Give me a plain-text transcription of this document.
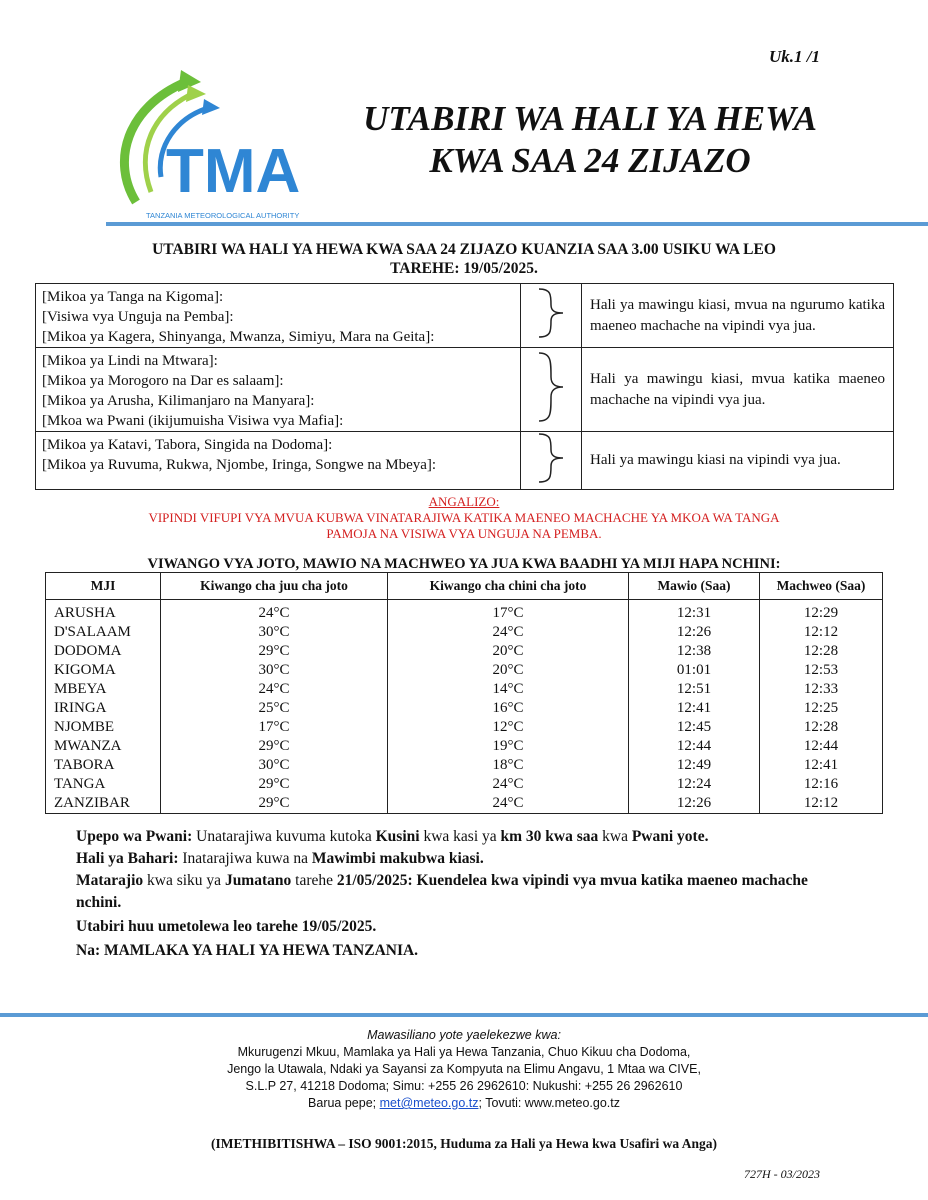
Uk.1 /1
TMA
TANZANIA METEOROLOGICAL AUTHORITY
UTABIRI WA HALI YA HEWA
KWA SAA 24 ZIJAZO
UTABIRI WA HALI YA HEWA KWA SAA 24 ZIJAZO KUANZIA SAA 3.00 USIKU WA LEO
TAREHE: 19/05/2025.
[Mikoa ya Tanga na Kigoma]:
[Visiwa vya Unguja na Pemba]:
[Mikoa ya Kagera, Shinyanga, Mwanza, Simiyu, Mara na Geita]:		Hali ya mawingu kiasi, mvua na ngurumo katika maeneo machache na vipindi vya jua.

[Mikoa ya Lindi na Mtwara]:
[Mikoa ya Morogoro na Dar es salaam]:
[Mikoa ya Arusha, Kilimanjaro na Manyara]:
[Mkoa wa Pwani (ikijumuisha Visiwa vya Mafia]:		Hali ya mawingu kiasi, mvua katika maeneo machache na vipindi vya jua.

[Mikoa ya Katavi, Tabora, Singida na Dodoma]:
[Mikoa ya Ruvuma, Rukwa, Njombe, Iringa, Songwe na Mbeya]:		Hali ya mawingu kiasi na vipindi vya jua.
ANGALIZO:
VIPINDI VIFUPI VYA MVUA KUBWA VINATARAJIWA KATIKA MAENEO MACHACHE YA MKOA WA TANGA
PAMOJA NA VISIWA VYA UNGUJA NA PEMBA.
VIWANGO VYA JOTO, MAWIO NA MACHWEO YA JUA KWA BAADHI YA MIJI HAPA NCHINI:
MJI	Kiwango cha juu cha joto	Kiwango cha chini cha joto	Mawio (Saa)	Machweo (Saa)

ARUSHA	24°C	17°C	12:31	12:29
D'SALAAM	30°C	24°C	12:26	12:12
DODOMA	29°C	20°C	12:38	12:28
KIGOMA	30°C	20°C	01:01	12:53
MBEYA	24°C	14°C	12:51	12:33
IRINGA	25°C	16°C	12:41	12:25
NJOMBE	17°C	12°C	12:45	12:28
MWANZA	29°C	19°C	12:44	12:44
TABORA	30°C	18°C	12:49	12:41
TANGA	29°C	24°C	12:24	12:16
ZANZIBAR	29°C	24°C	12:26	12:12

Upepo wa Pwani: Unatarajiwa kuvuma kutoka Kusini kwa kasi ya km 30 kwa saa kwa Pwani yote.

Hali ya Bahari: Inatarajiwa kuwa na Mawimbi makubwa kiasi.

Matarajio kwa siku ya Jumatano tarehe 21/05/2025: Kuendelea kwa vipindi vya mvua katika maeneo machache nchini.

Utabiri huu umetolewa leo tarehe 19/05/2025.

Na: MAMLAKA YA HALI YA HEWA TANZANIA.

Mawasiliano yote yaelekezwe kwa:
Mkurugenzi Mkuu, Mamlaka ya Hali ya Hewa Tanzania, Chuo Kikuu cha Dodoma,
Jengo la Utawala, Ndaki ya Sayansi za Kompyuta na Elimu Angavu, 1 Mtaa wa CIVE,
S.L.P 27, 41218 Dodoma; Simu: +255 26 2962610: Nukushi: +255 26 2962610
Barua pepe; met@meteo.go.tz; Tovuti: www.meteo.go.tz
(IMETHIBITISHWA – ISO 9001:2015, Huduma za Hali ya Hewa kwa Usafiri wa Anga)
727H - 03/2023
